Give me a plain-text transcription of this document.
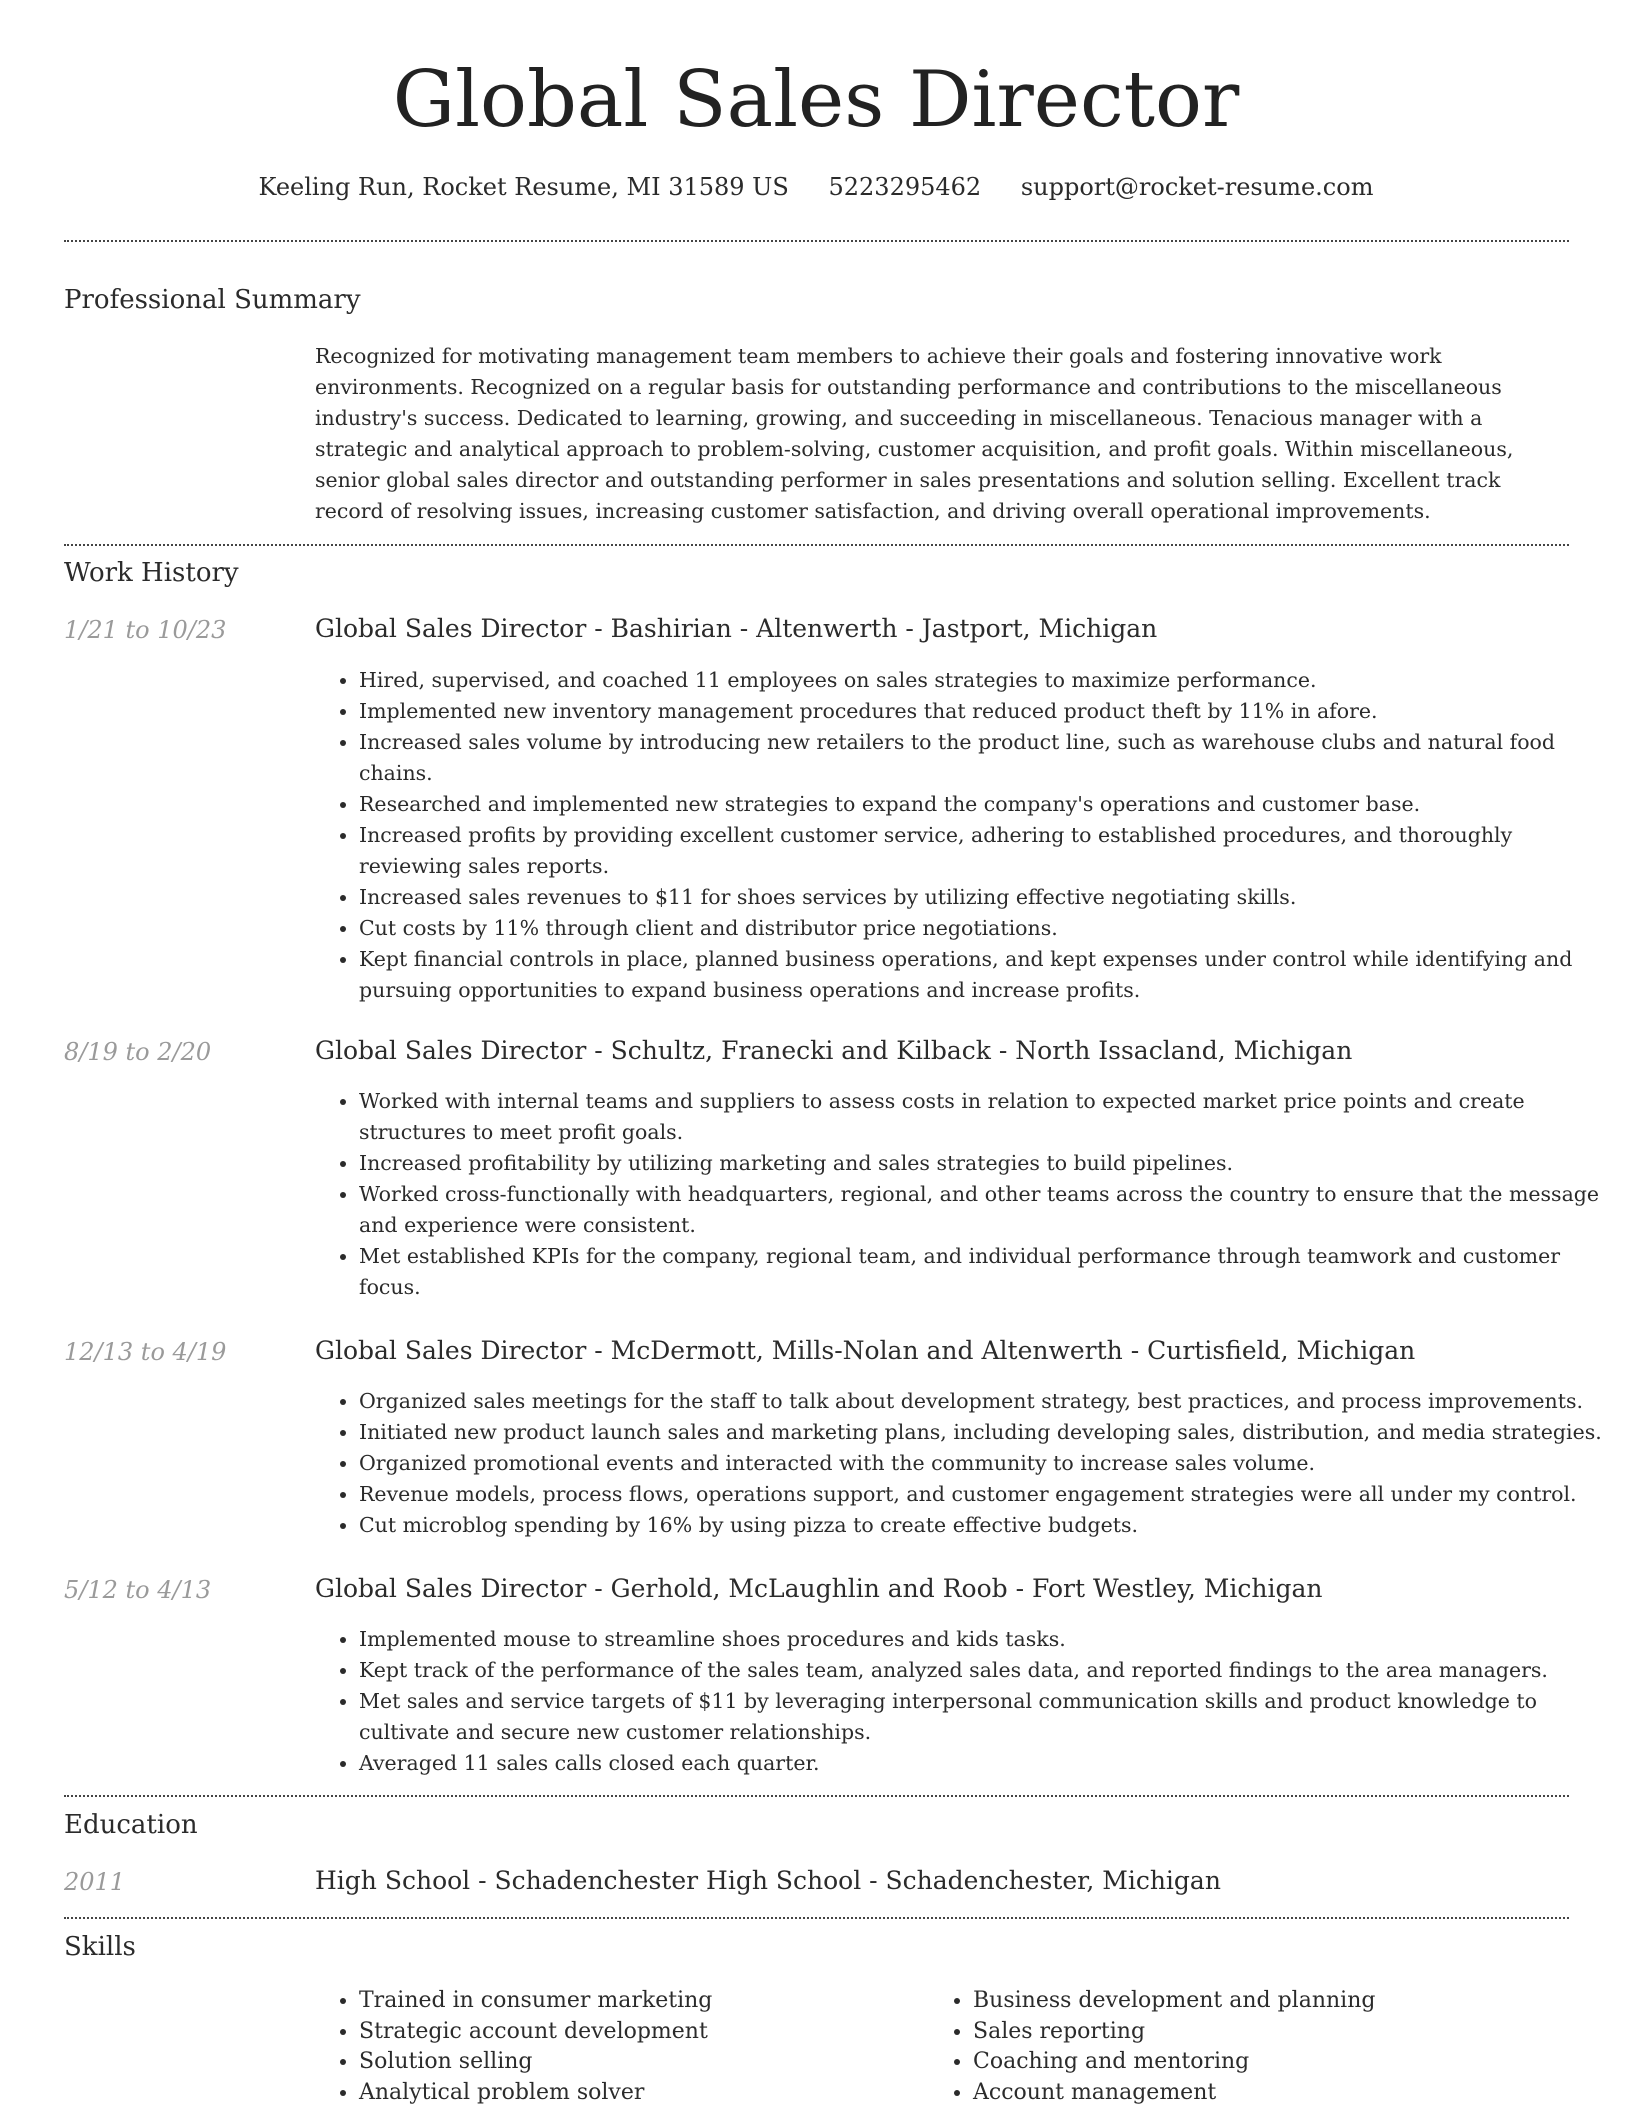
Global Sales Director
Keeling Run, Rocket Resume, MI 31589 US 5223295462 support@rocket-resume.com
Professional Summary

Recognized for motivating management team members to achieve their goals and fostering innovative work environments. Recognized on a regular basis for outstanding performance and contributions to the miscellaneous industry's success. Dedicated to learning, growing, and succeeding in miscellaneous. Tenacious manager with a strategic and analytical approach to problem-solving, customer acquisition, and profit goals. Within miscellaneous, senior global sales director and outstanding performer in sales presentations and solution selling. Excellent track record of resolving issues, increasing customer satisfaction, and driving overall operational improvements.

Work History
1/21 to 10/23	Global Sales Director - Bashirian - Altenwerth - Jastport, Michigan
• Hired, supervised, and coached 11 employees on sales strategies to maximize performance.
• Implemented new inventory management procedures that reduced product theft by 11% in afore.
• Increased sales volume by introducing new retailers to the product line, such as warehouse clubs and natural food chains.
• Researched and implemented new strategies to expand the company's operations and customer base.
• Increased profits by providing excellent customer service, adhering to established procedures, and thoroughly reviewing sales reports.
• Increased sales revenues to $11 for shoes services by utilizing effective negotiating skills.
• Cut costs by 11% through client and distributor price negotiations.
• Kept financial controls in place, planned business operations, and kept expenses under control while identifying and pursuing opportunities to expand business operations and increase profits.
8/19 to 2/20	Global Sales Director - Schultz, Franecki and Kilback - North Issacland, Michigan
• Worked with internal teams and suppliers to assess costs in relation to expected market price points and create structures to meet profit goals.
• Increased profitability by utilizing marketing and sales strategies to build pipelines.
• Worked cross-functionally with headquarters, regional, and other teams across the country to ensure that the message and experience were consistent.
• Met established KPIs for the company, regional team, and individual performance through teamwork and customer focus.
12/13 to 4/19	Global Sales Director - McDermott, Mills-Nolan and Altenwerth - Curtisfield, Michigan
• Organized sales meetings for the staff to talk about development strategy, best practices, and process improvements.
• Initiated new product launch sales and marketing plans, including developing sales, distribution, and media strategies.
• Organized promotional events and interacted with the community to increase sales volume.
• Revenue models, process flows, operations support, and customer engagement strategies were all under my control.
• Cut microblog spending by 16% by using pizza to create effective budgets.
5/12 to 4/13	Global Sales Director - Gerhold, McLaughlin and Roob - Fort Westley, Michigan
• Implemented mouse to streamline shoes procedures and kids tasks.
• Kept track of the performance of the sales team, analyzed sales data, and reported findings to the area managers.
• Met sales and service targets of $11 by leveraging interpersonal communication skills and product knowledge to cultivate and secure new customer relationships.
• Averaged 11 sales calls closed each quarter.
Education
2011	High School - Schadenchester High School - Schadenchester, Michigan
Skills
• Trained in consumer marketing
• Strategic account development
• Solution selling
• Analytical problem solver
• Business development and planning
• Sales reporting
• Coaching and mentoring
• Account management
